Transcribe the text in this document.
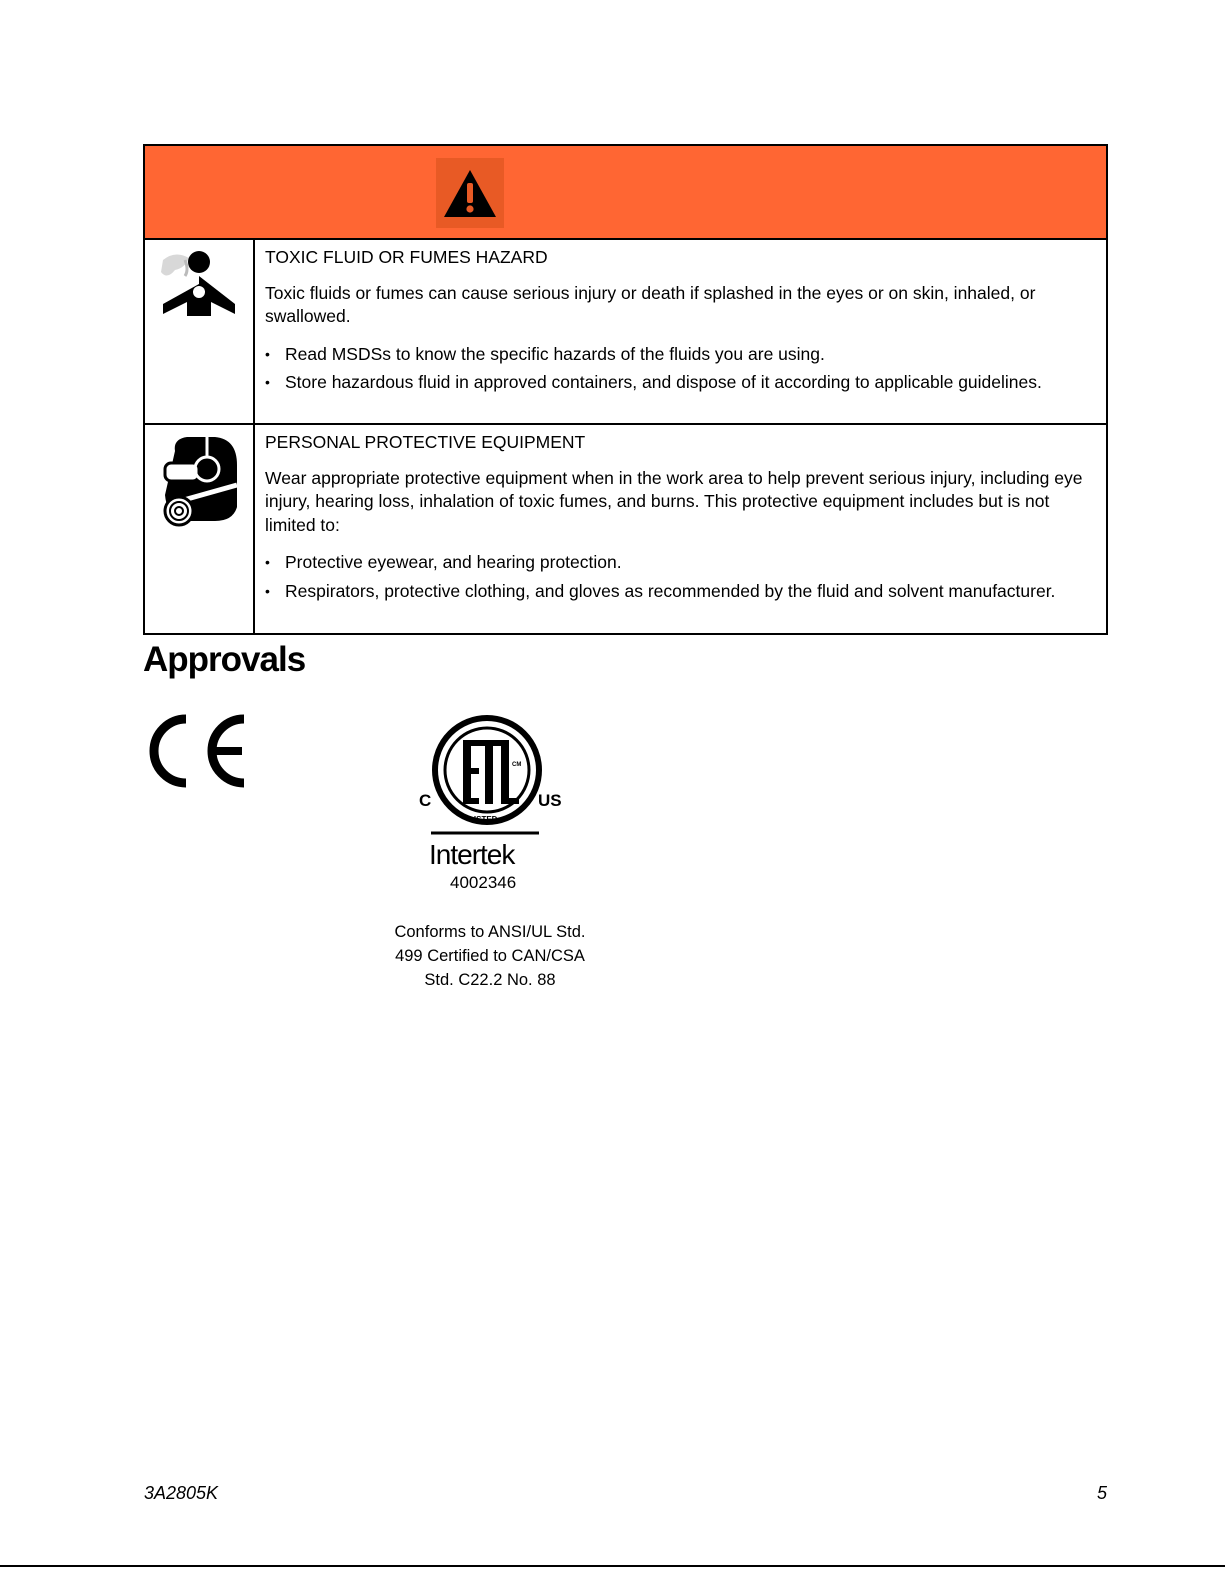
TOXIC FLUID OR FUMES HAZARD

Toxic fluids or fumes can cause serious injury or death if splashed in the eyes or on skin, inhaled, or swallowed.

• Read MSDSs to know the specific hazards of the fluids you are using.
• Store hazardous fluid in approved containers, and dispose of it according to applicable guidelines.

PERSONAL PROTECTIVE EQUIPMENT

Wear appropriate protective equipment when in the work area to help prevent serious injury, including eye injury, hearing loss, inhalation of toxic fumes, and burns. This protective equipment includes but is not limited to:

• Protective eyewear, and hearing protection.
• Respirators, protective clothing, and gloves as recommended by the fluid and solvent manufacturer.
Approvals
CM
C	US
LISTED
Intertek
4002346
Conforms to ANSI/UL Std.
499 Certified to CAN/CSA
Std. C22.2 No. 88
3A2805K	5
